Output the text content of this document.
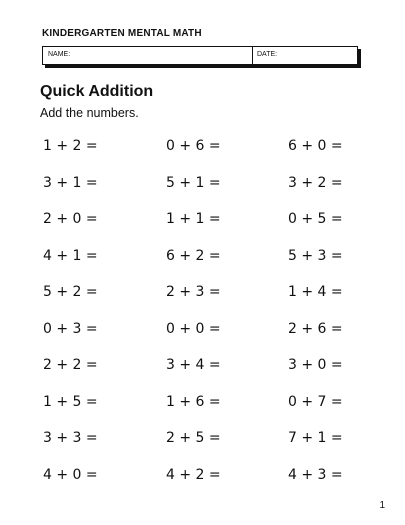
KINDERGARTEN MENTAL MATH
NAME:	DATE:
Quick Addition
Add the numbers.
1 + 2 =	0 + 6 =	6 + 0 =
3 + 1 =	5 + 1 =	3 + 2 =
2 + 0 =	1 + 1 =	0 + 5 =
4 + 1 =	6 + 2 =	5 + 3 =
5 + 2 =	2 + 3 =	1 + 4 =
0 + 3 =	0 + 0 =	2 + 6 =
2 + 2 =	3 + 4 =	3 + 0 =
1 + 5 =	1 + 6 =	0 + 7 =
3 + 3 =	2 + 5 =	7 + 1 =
4 + 0 =	4 + 2 =	4 + 3 =
1
